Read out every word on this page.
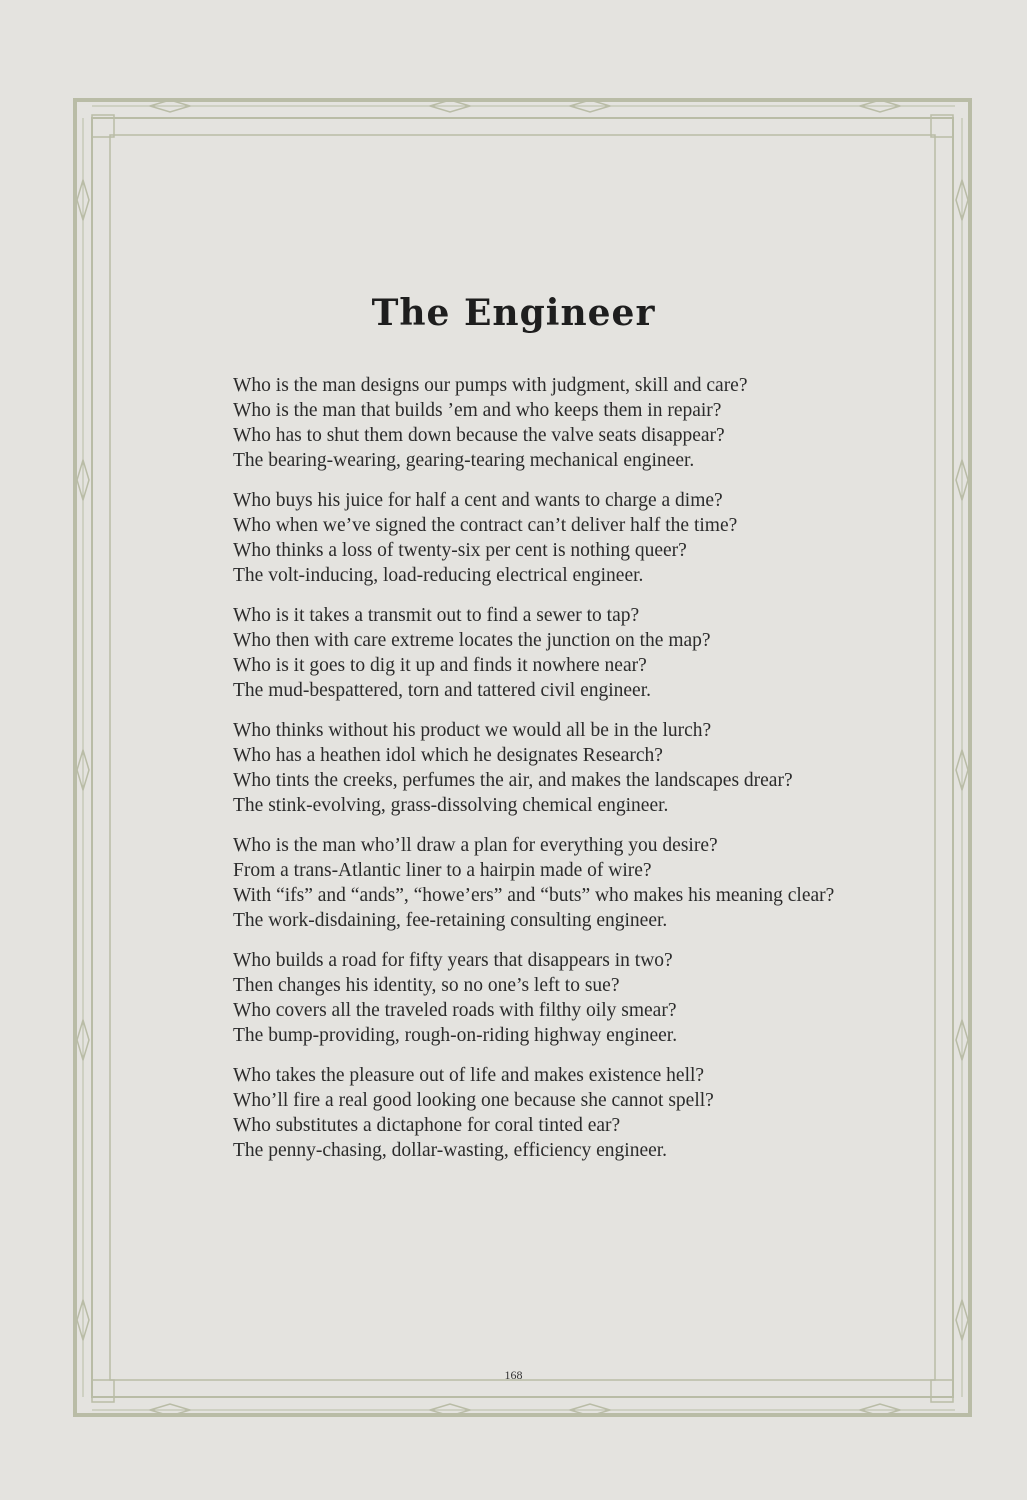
The Engineer
Who is the man designs our pumps with judgment, skill and care?
Who is the man that builds ’em and who keeps them in repair?
Who has to shut them down because the valve seats disappear?
The bearing-wearing, gearing-tearing mechanical engineer.
Who buys his juice for half a cent and wants to charge a dime?
Who when we’ve signed the contract can’t deliver half the time?
Who thinks a loss of twenty-six per cent is nothing queer?
The volt-inducing, load-reducing electrical engineer.
Who is it takes a transmit out to find a sewer to tap?
Who then with care extreme locates the junction on the map?
Who is it goes to dig it up and finds it nowhere near?
The mud-bespattered, torn and tattered civil engineer.
Who thinks without his product we would all be in the lurch?
Who has a heathen idol which he designates Research?
Who tints the creeks, perfumes the air, and makes the landscapes drear?
The stink-evolving, grass-dissolving chemical engineer.
Who is the man who’ll draw a plan for everything you desire?
From a trans-Atlantic liner to a hairpin made of wire?
With “ifs” and “ands”, “howe’ers” and “buts” who makes his meaning clear?
The work-disdaining, fee-retaining consulting engineer.
Who builds a road for fifty years that disappears in two?
Then changes his identity, so no one’s left to sue?
Who covers all the traveled roads with filthy oily smear?
The bump-providing, rough-on-riding highway engineer.
Who takes the pleasure out of life and makes existence hell?
Who’ll fire a real good looking one because she cannot spell?
Who substitutes a dictaphone for coral tinted ear?
The penny-chasing, dollar-wasting, efficiency engineer.
168
